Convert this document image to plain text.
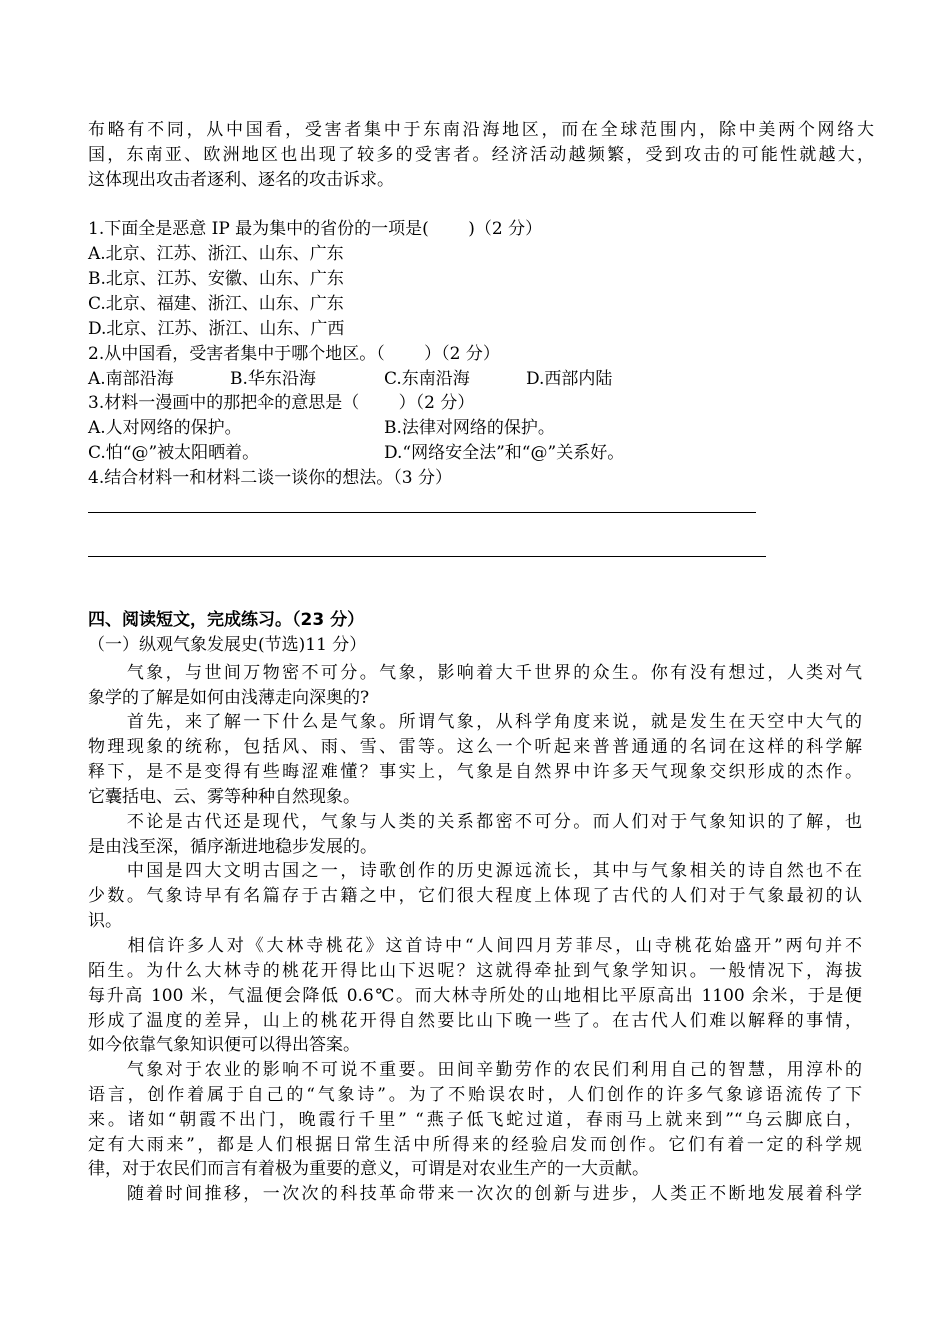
布略有不同，从中国看，受害者集中于东南沿海地区，而在全球范围内，除中美两个网络大
国，东南亚、欧洲地区也出现了较多的受害者。经济活动越频繁，受到攻击的可能性就越大，
这体现出攻击者逐利、逐名的攻击诉求。
1.下面全是恶意 IP 最为集中的省份的一项是(　　 )（2 分）
A.北京、江苏、浙江、山东、广东
B.北京、江苏、安徽、山东、广东
C.北京、福建、浙江、山东、广东
D.北京、江苏、浙江、山东、广西
2.从中国看，受害者集中于哪个地区。（　　 ）（2 分）
A.南部沿海	B.华东沿海	C.东南沿海	D.西部内陆
3.材料一漫画中的那把伞的意思是（　　 ）（2 分）
A.人对网络的保护。	B.法律对网络的保护。
C.怕“@”被太阳晒着。	D.“网络安全法”和“@”关系好。
4.结合材料一和材料二谈一谈你的想法。（3 分）
四、阅读短文，完成练习。（23 分）
（一）纵观气象发展史(节选)11 分）
　　气象，与世间万物密不可分。气象，影响着大千世界的众生。你有没有想过，人类对气
象学的了解是如何由浅薄走向深奥的?
　　首先，来了解一下什么是气象。所谓气象，从科学角度来说，就是发生在天空中大气的
物理现象的统称，包括风、雨、雪、雷等。这么一个听起来普普通通的名词在这样的科学解
释下，是不是变得有些晦涩难懂？事实上，气象是自然界中许多天气现象交织形成的杰作。
它囊括电、云、雾等种种自然现象。
　　不论是古代还是现代，气象与人类的关系都密不可分。而人们对于气象知识的了解，也
是由浅至深，循序渐进地稳步发展的。
　　中国是四大文明古国之一，诗歌创作的历史源远流长，其中与气象相关的诗自然也不在
少数。气象诗早有名篇存于古籍之中，它们很大程度上体现了古代的人们对于气象最初的认
识。
　　相信许多人对《大林寺桃花》这首诗中“人间四月芳菲尽，山寺桃花始盛开”两句并不
陌生。为什么大林寺的桃花开得比山下迟呢？这就得牵扯到气象学知识。一般情况下，海拔
每升高 100 米，气温便会降低 0.6℃。而大林寺所处的山地相比平原高出 1100 余米，于是便
形成了温度的差异，山上的桃花开得自然要比山下晚一些了。在古代人们难以解释的事情，
如今依靠气象知识便可以得出答案。
　　气象对于农业的影响不可说不重要。田间辛勤劳作的农民们利用自己的智慧，用淳朴的
语言，创作着属于自己的“气象诗”。为了不贻误农时，人们创作的许多气象谚语流传了下
来。诸如“朝霞不出门，晚霞行千里” “燕子低飞蛇过道，春雨马上就来到”“乌云脚底白，
定有大雨来”，都是人们根据日常生活中所得来的经验启发而创作。它们有着一定的科学规
律，对于农民们而言有着极为重要的意义，可谓是对农业生产的一大贡献。
　　随着时间推移，一次次的科技革命带来一次次的创新与进步，人类正不断地发展着科学
